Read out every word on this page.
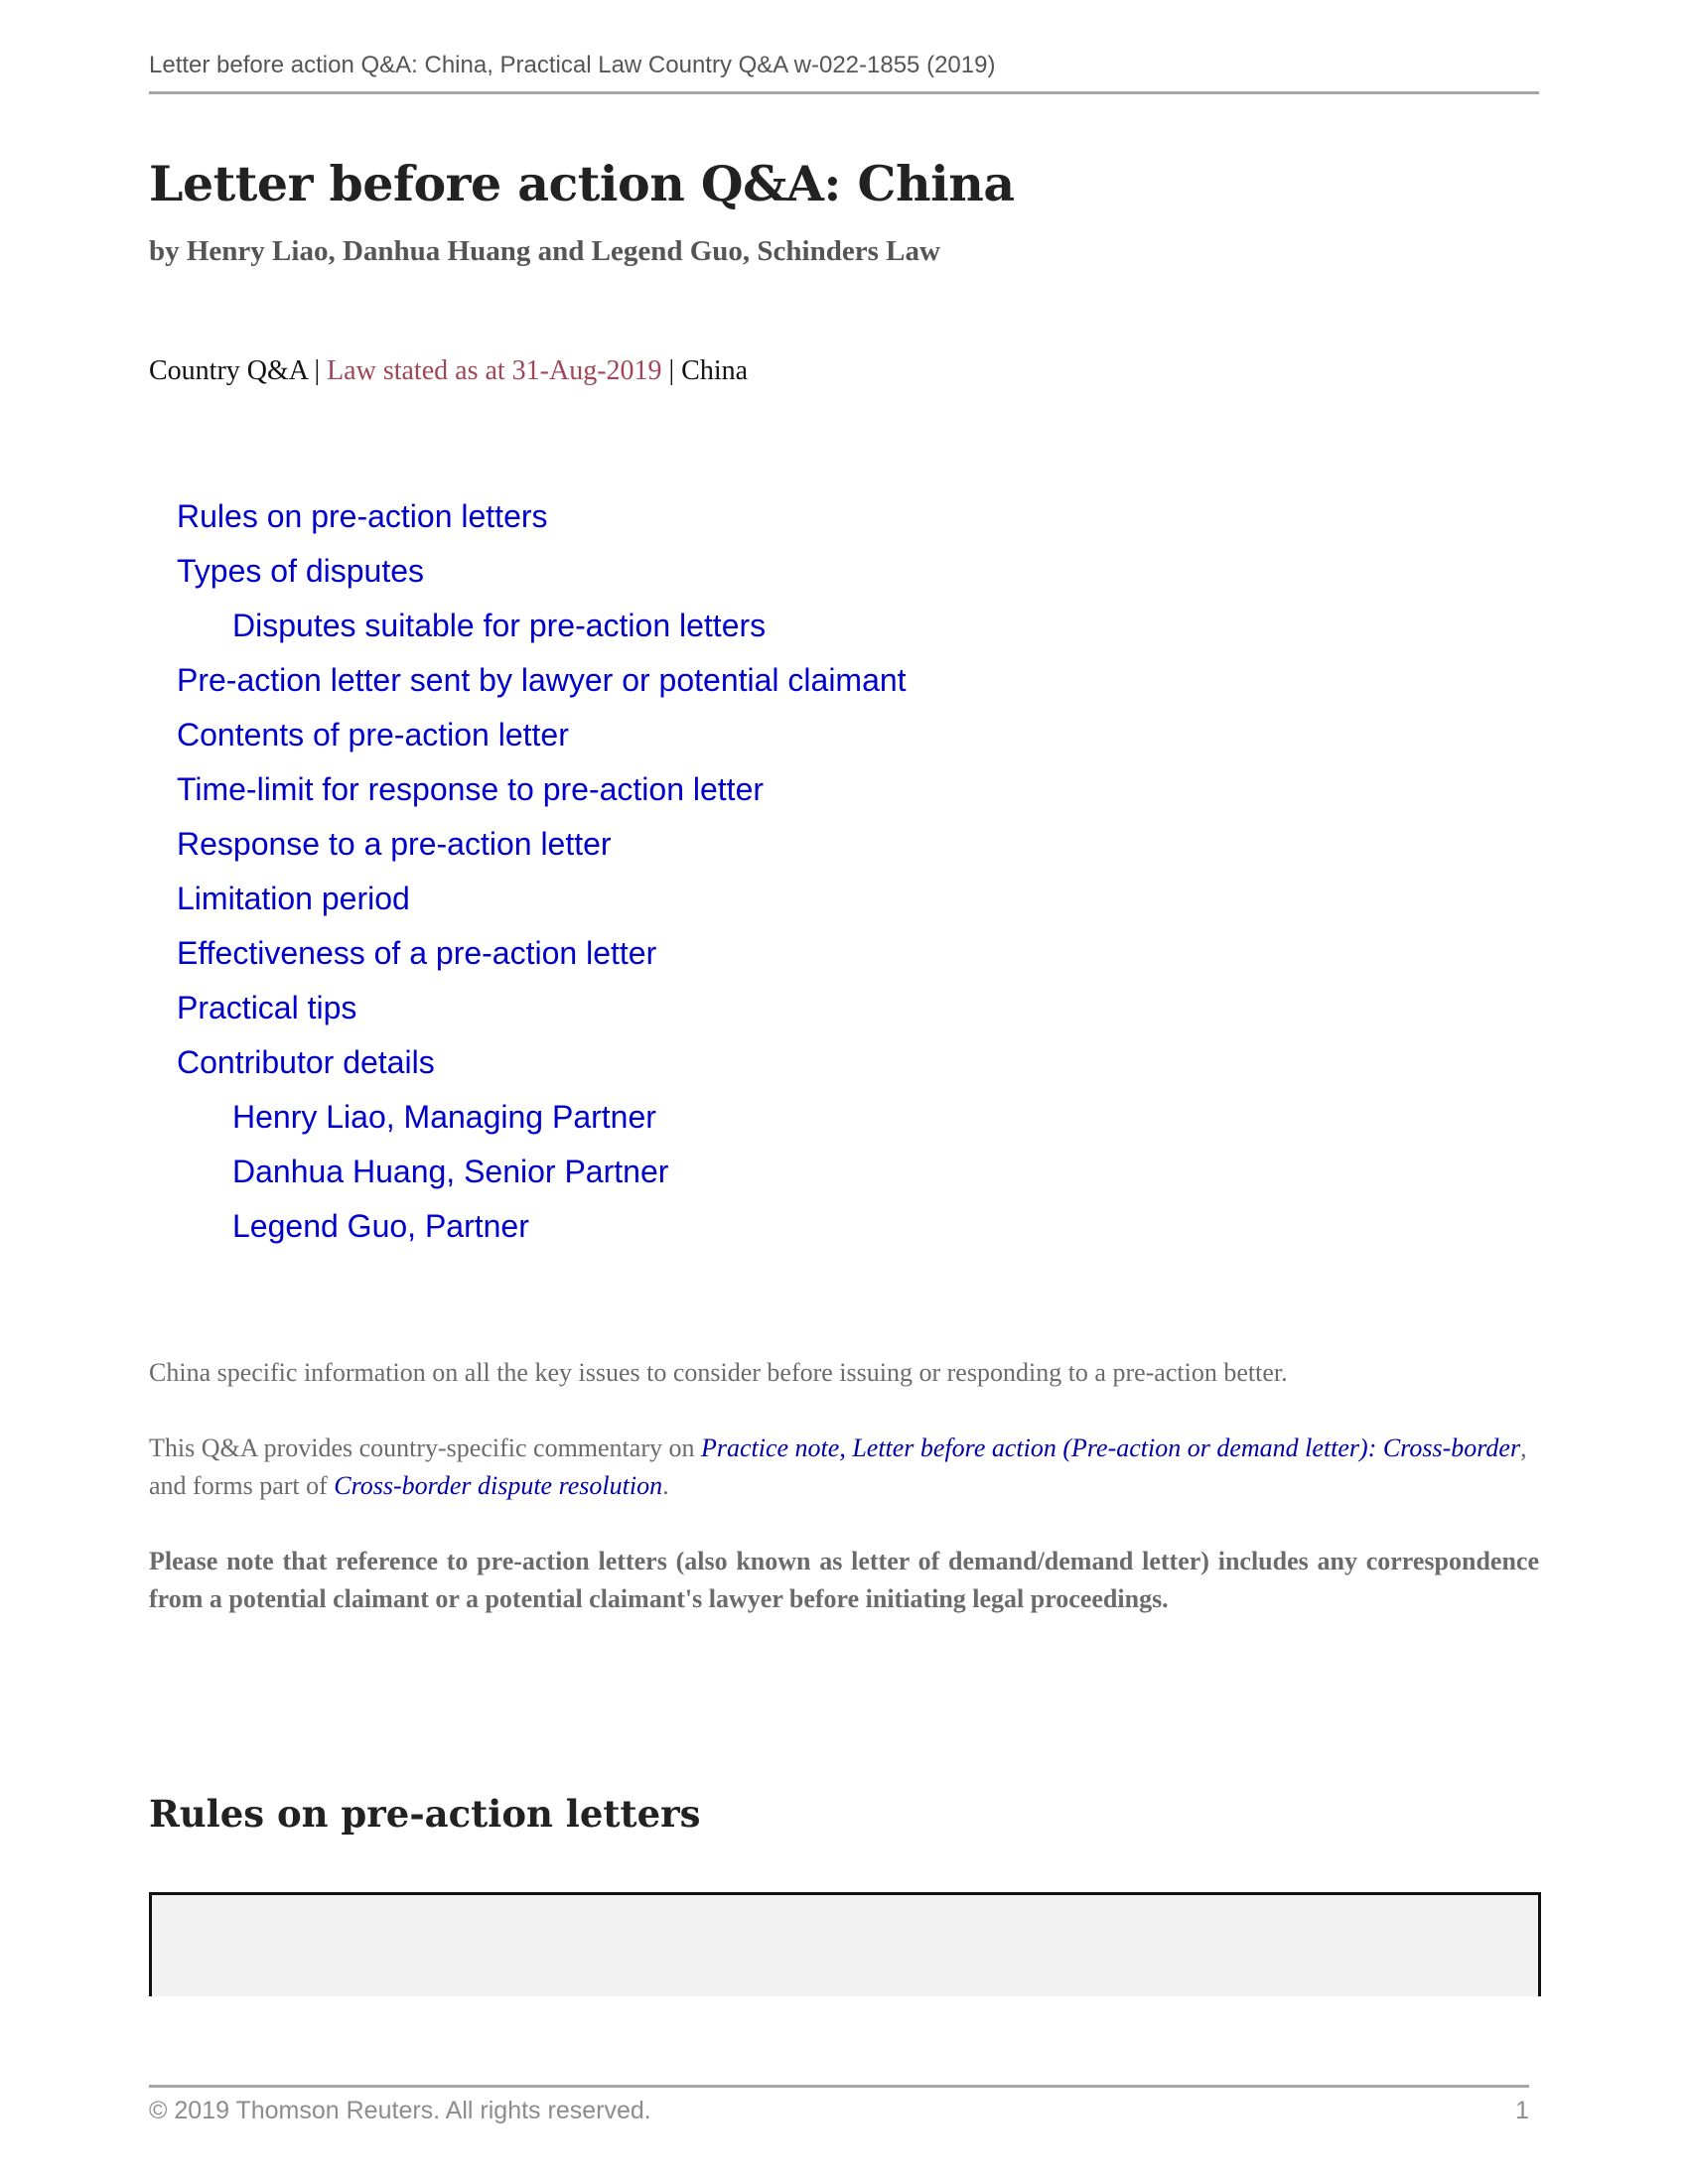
Letter before action Q&A: China, Practical Law Country Q&A w-022-1855 (2019)
Letter before action Q&A: China
by Henry Liao, Danhua Huang and Legend Guo, Schinders Law
Country Q&A | Law stated as at 31-Aug-2019 | China
Rules on pre-action letters
Types of disputes
Disputes suitable for pre-action letters
Pre-action letter sent by lawyer or potential claimant
Contents of pre-action letter
Time-limit for response to pre-action letter
Response to a pre-action letter
Limitation period
Effectiveness of a pre-action letter
Practical tips
Contributor details
Henry Liao, Managing Partner
Danhua Huang, Senior Partner
Legend Guo, Partner

China specific information on all the key issues to consider before issuing or responding to a pre-action better.

This Q&A provides country-specific commentary on Practice note, Letter before action (Pre-action or demand letter): Cross-border, and forms part of Cross-border dispute resolution.

Please note that reference to pre-action letters (also known as letter of demand/demand letter) includes any correspondence from a potential claimant or a potential claimant's lawyer before initiating legal proceedings.

Rules on pre-action letters
© 2019 Thomson Reuters. All rights reserved.	1
